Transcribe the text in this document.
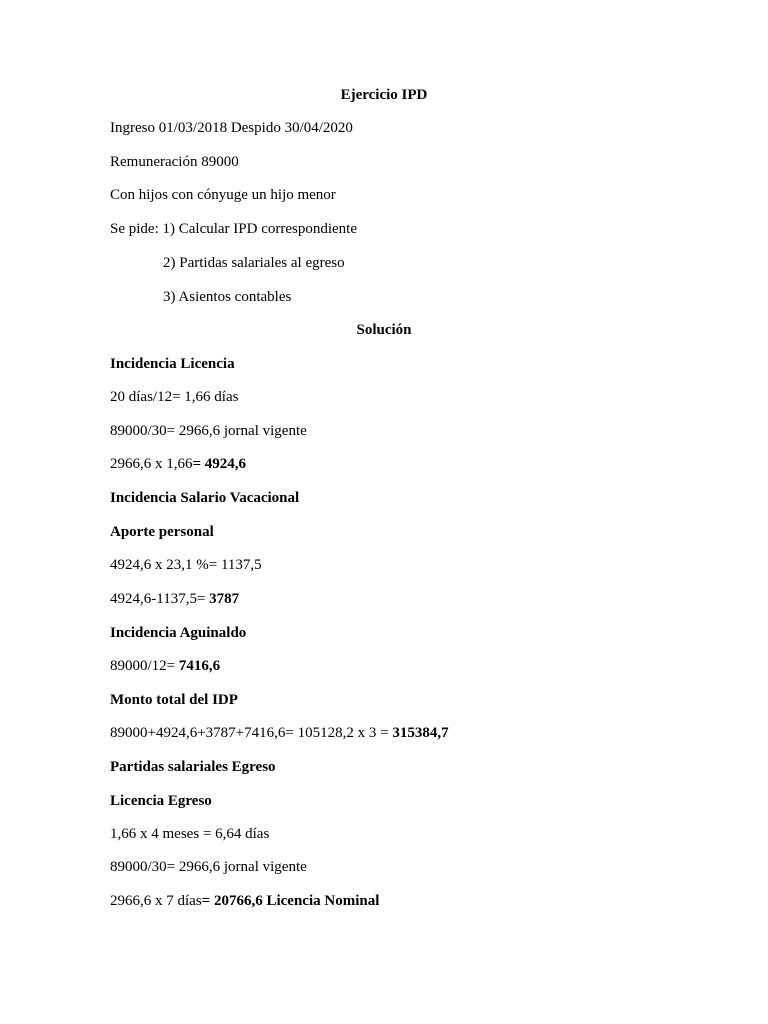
Ejercicio IPD
Ingreso 01/03/2018 Despido 30/04/2020
Remuneración 89000
Con hijos con cónyuge un hijo menor
Se pide: 1) Calcular IPD correspondiente
2) Partidas salariales al egreso
3) Asientos contables
Solución
Incidencia Licencia
20 días/12= 1,66 días
89000/30= 2966,6 jornal vigente
2966,6 x 1,66= 4924,6
Incidencia Salario Vacacional
Aporte personal
4924,6 x 23,1 %= 1137,5
4924,6-1137,5= 3787
Incidencia Aguinaldo
89000/12= 7416,6
Monto total del IDP
89000+4924,6+3787+7416,6= 105128,2 x 3 = 315384,7
Partidas salariales Egreso
Licencia Egreso
1,66 x 4 meses = 6,64 días
89000/30= 2966,6 jornal vigente
2966,6 x 7 días= 20766,6 Licencia Nominal
